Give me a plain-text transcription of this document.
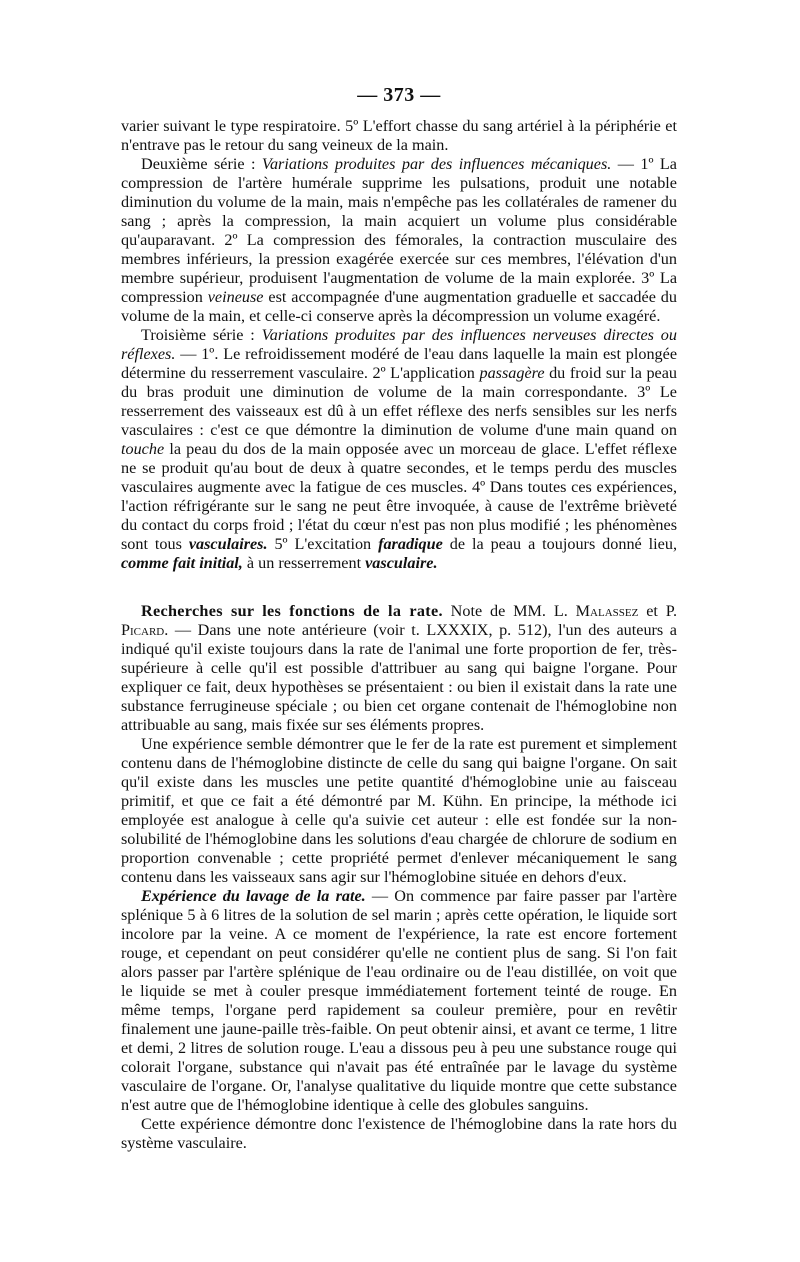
— 373 —

varier suivant le type respiratoire. 5º L'effort chasse du sang artériel à la périphérie et n'entrave pas le retour du sang veineux de la main.

Deuxième série : Variations produites par des influences mécaniques. — 1º La compression de l'artère humérale supprime les pulsations, produit une notable diminution du volume de la main, mais n'empêche pas les collatérales de ramener du sang ; après la compression, la main acquiert un volume plus considérable qu'auparavant. 2º La compression des fémorales, la contraction musculaire des membres inférieurs, la pression exagérée exercée sur ces membres, l'élévation d'un membre supérieur, produisent l'augmentation de volume de la main explorée. 3º La compression veineuse est accompagnée d'une augmentation graduelle et saccadée du volume de la main, et celle-ci conserve après la décompression un volume exagéré.

Troisième série : Variations produites par des influences nerveuses directes ou réflexes. — 1º. Le refroidissement modéré de l'eau dans laquelle la main est plongée détermine du resserrement vasculaire. 2º L'application passagère du froid sur la peau du bras produit une diminution de volume de la main correspondante. 3º Le resserrement des vaisseaux est dû à un effet réflexe des nerfs sensibles sur les nerfs vasculaires : c'est ce que démontre la diminution de volume d'une main quand on touche la peau du dos de la main opposée avec un morceau de glace. L'effet réflexe ne se produit qu'au bout de deux à quatre secondes, et le temps perdu des muscles vasculaires augmente avec la fatigue de ces muscles. 4º Dans toutes ces expériences, l'action réfrigérante sur le sang ne peut être invoquée, à cause de l'extrême brièveté du contact du corps froid ; l'état du cœur n'est pas non plus modifié ; les phénomènes sont tous vasculaires. 5º L'excitation faradique de la peau a toujours donné lieu, comme fait initial, à un resserrement vasculaire.

Recherches sur les fonctions de la rate. Note de MM. L. Malassez et P. Picard. — Dans une note antérieure (voir t. LXXXIX, p. 512), l'un des auteurs a indiqué qu'il existe toujours dans la rate de l'animal une forte proportion de fer, très-supérieure à celle qu'il est possible d'attribuer au sang qui baigne l'organe. Pour expliquer ce fait, deux hypothèses se présentaient : ou bien il existait dans la rate une substance ferrugineuse spéciale ; ou bien cet organe contenait de l'hémoglobine non attribuable au sang, mais fixée sur ses éléments propres.

Une expérience semble démontrer que le fer de la rate est purement et simplement contenu dans de l'hémoglobine distincte de celle du sang qui baigne l'organe. On sait qu'il existe dans les muscles une petite quantité d'hémoglobine unie au faisceau primitif, et que ce fait a été démontré par M. Kühn. En principe, la méthode ici employée est analogue à celle qu'a suivie cet auteur : elle est fondée sur la non-solubilité de l'hémoglobine dans les solutions d'eau chargée de chlorure de sodium en proportion convenable ; cette propriété permet d'enlever mécaniquement le sang contenu dans les vaisseaux sans agir sur l'hémoglobine située en dehors d'eux.

Expérience du lavage de la rate. — On commence par faire passer par l'artère splénique 5 à 6 litres de la solution de sel marin ; après cette opération, le liquide sort incolore par la veine. A ce moment de l'expérience, la rate est encore fortement rouge, et cependant on peut considérer qu'elle ne contient plus de sang. Si l'on fait alors passer par l'artère splénique de l'eau ordinaire ou de l'eau distillée, on voit que le liquide se met à couler presque immédiatement fortement teinté de rouge. En même temps, l'organe perd rapidement sa couleur première, pour en revêtir finalement une jaune-paille très-faible. On peut obtenir ainsi, et avant ce terme, 1 litre et demi, 2 litres de solution rouge. L'eau a dissous peu à peu une substance rouge qui colorait l'organe, substance qui n'avait pas été entraînée par le lavage du système vasculaire de l'organe. Or, l'analyse qualitative du liquide montre que cette substance n'est autre que de l'hémoglobine identique à celle des globules sanguins.

Cette expérience démontre donc l'existence de l'hémoglobine dans la rate hors du système vasculaire.
